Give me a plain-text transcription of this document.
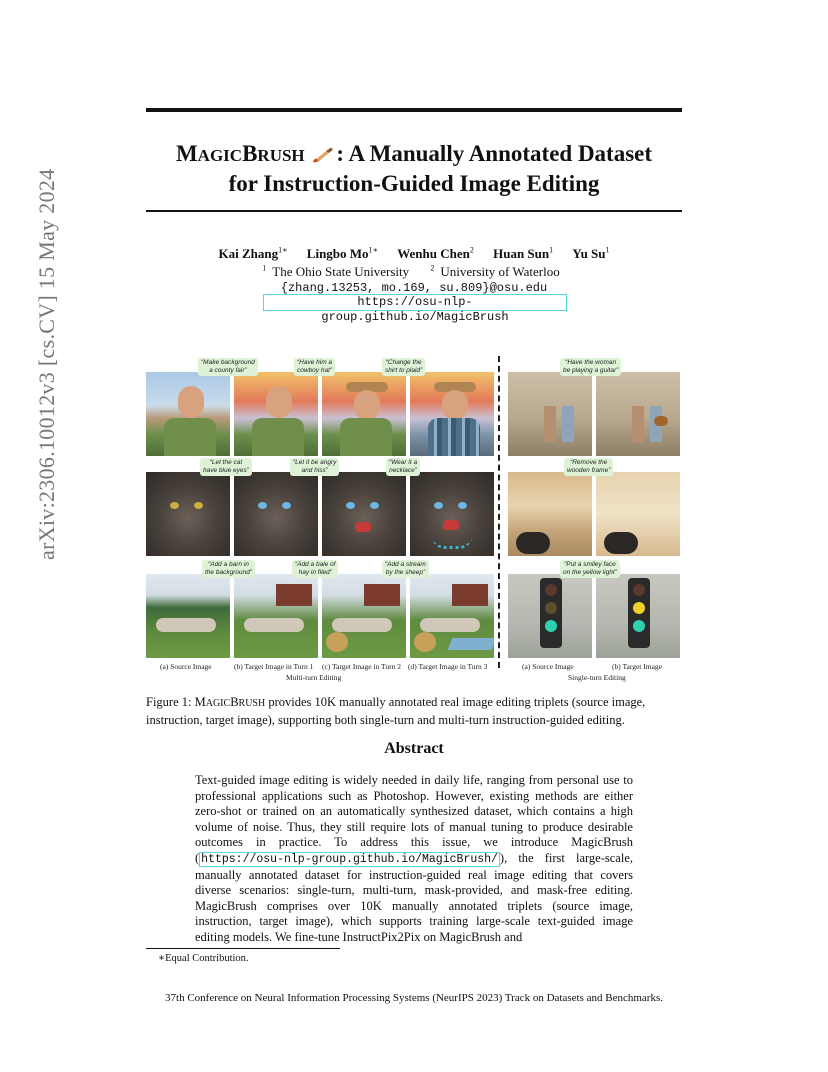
arXiv:2306.10012v3 [cs.CV] 15 May 2024
MAGICBRUSH : A Manually Annotated Dataset
for Instruction-Guided Image Editing
Kai Zhang$^{1∗}$ Lingbo $Mo^{1∗}$ Wenhu Chen$^2$ Huan Sun$^1$ Yu Su$^1$
$^1$ The Ohio State University	$^2$ University of Waterloo
{zhang.13253, mo.169, su.809}@osu.edu
https://osu-nlp-group.github.io/MagicBrush
“Make background
a county fair”
“Have him a
cowboy hat”
“Change the
shirt to plaid”
“Let the cat
have blue eyes”
“Let it be angry
and hiss”
“Wear it a
necklace”
“Add a barn in
the background”
“Add a bale of
hay in filed”
“Add a stream
by the sheep”
“Have the woman
be playing a guitar”
“Remove the
wooden frame”
“Put a smiley face
on the yellow light”
(a) Source Image	(b) Target Image in Turn 1 (c) Target Image in Turn 2 (d) Target Image in Turn 3	(a) Source Image	(b) Target Image
Multi-turn Editing	Single-turn Editing
Figure 1: MAGICBRUSH provides 10K manually annotated real image editing triplets (source image, instruction, target image), supporting both single-turn and multi-turn instruction-guided editing.
Abstract
Text-guided image editing is widely needed in daily life, ranging from personal use to professional applications such as Photoshop. However, existing methods are either zero-shot or trained on an automatically synthesized dataset, which contains a high volume of noise. Thus, they still require lots of manual tuning to produce desirable outcomes in practice. To address this issue, we introduce MagicBrush ( https://osu-nlp-group.github.io/MagicBrush/ ), the first large-scale, manually annotated dataset for instruction-guided real image editing that covers diverse scenarios: single-turn, multi-turn, mask-provided, and mask-free editing. MagicBrush comprises over 10K manually annotated triplets (source image, instruction, target image), which supports training large-scale text-guided image editing models. We fine-tune InstructPix2Pix on MagicBrush and
∗Equal Contribution.
37th Conference on Neural Information Processing Systems (NeurIPS 2023) Track on Datasets and Benchmarks.
